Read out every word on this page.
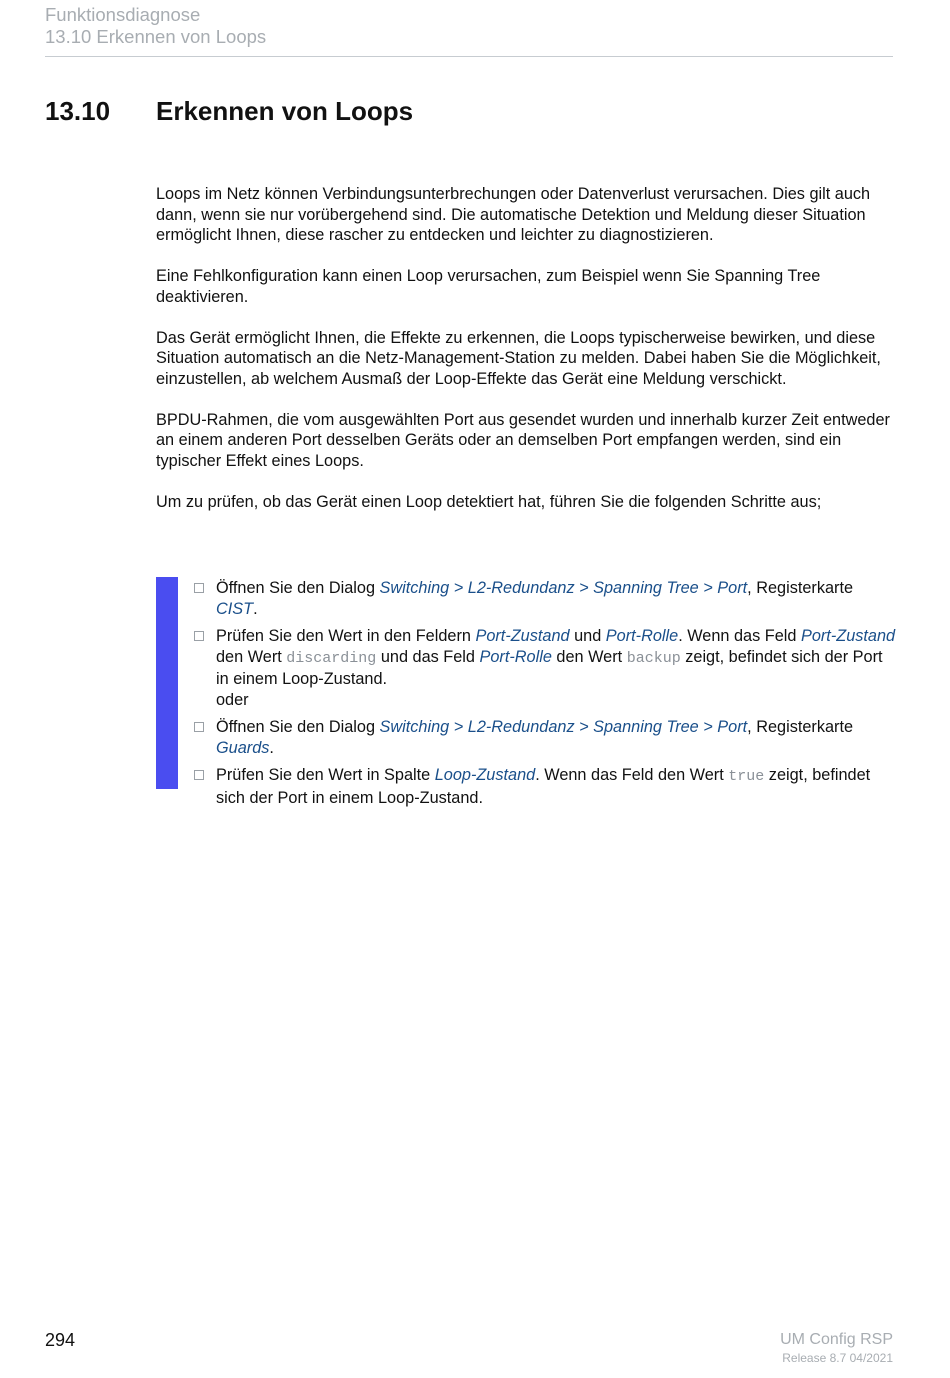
Funktionsdiagnose
13.10 Erkennen von Loops
13.10 Erkennen von Loops

Loops im Netz können Verbindungsunterbrechungen oder Datenverlust verursachen. Dies gilt auch dann, wenn sie nur vorübergehend sind. Die automatische Detektion und Meldung dieser Situation ermöglicht Ihnen, diese rascher zu entdecken und leichter zu diagnostizieren.

Eine Fehlkonfiguration kann einen Loop verursachen, zum Beispiel wenn Sie Spanning Tree deaktivieren.

Das Gerät ermöglicht Ihnen, die Effekte zu erkennen, die Loops typischerweise bewirken, und diese Situation automatisch an die Netz-Management-Station zu melden. Dabei haben Sie die Möglichkeit, einzustellen, ab welchem Ausmaß der Loop-Effekte das Gerät eine Meldung verschickt.

BPDU-Rahmen, die vom ausgewählten Port aus gesendet wurden und innerhalb kurzer Zeit entweder an einem anderen Port desselben Geräts oder an demselben Port empfangen werden, sind ein typischer Effekt eines Loops.

Um zu prüfen, ob das Gerät einen Loop detektiert hat, führen Sie die folgenden Schritte aus;

Öffnen Sie den Dialog Switching > L2-Redundanz > Spanning Tree > Port, Registerkarte CIST.
Prüfen Sie den Wert in den Feldern Port-Zustand und Port-Rolle. Wenn das Feld Port-Zustand den Wert discarding und das Feld Port-Rolle den Wert backup zeigt, befindet sich der Port in einem Loop-Zustand.
oder
Öffnen Sie den Dialog Switching > L2-Redundanz > Spanning Tree > Port, Registerkarte Guards.
Prüfen Sie den Wert in Spalte Loop-Zustand. Wenn das Feld den Wert true zeigt, befindet sich der Port in einem Loop-Zustand.
294	UM Config RSP
Release 8.7 04/2021
